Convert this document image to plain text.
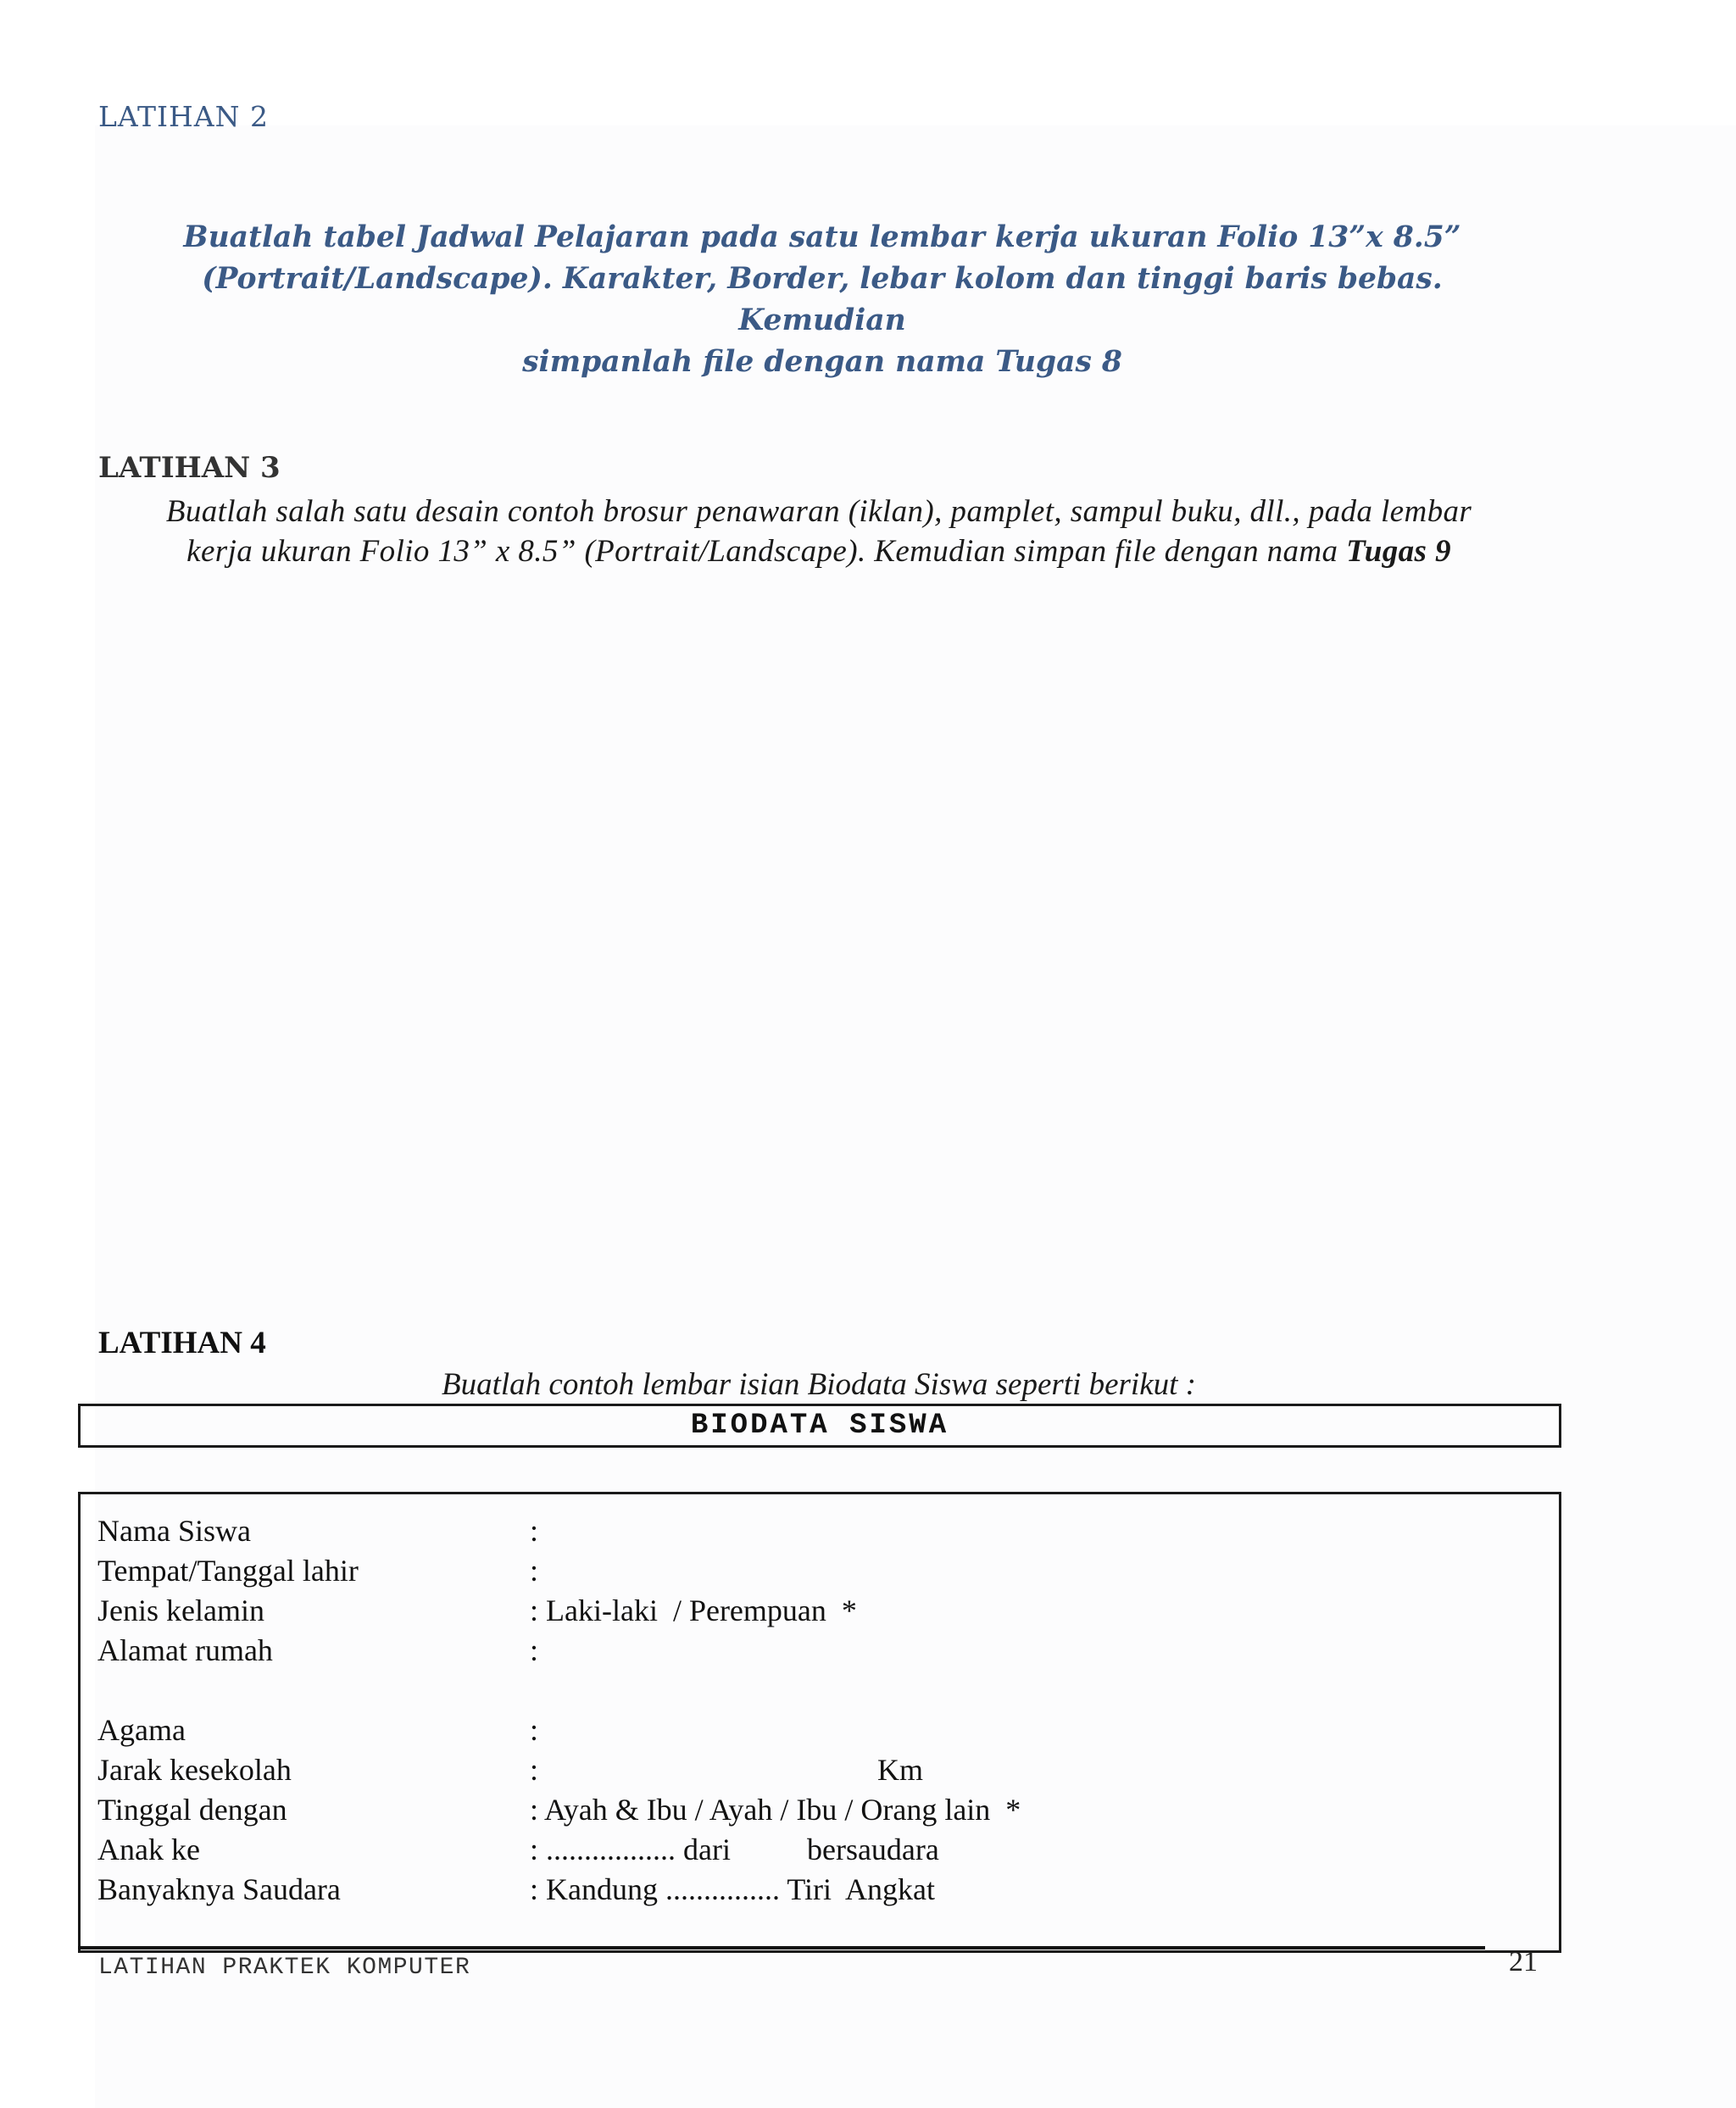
LATIHAN 2
Buatlah tabel Jadwal Pelajaran pada satu lembar kerja ukuran Folio 13”x 8.5”
(Portrait/Landscape). Karakter, Border, lebar kolom dan tinggi baris bebas. Kemudian
simpanlah file dengan nama Tugas 8
LATIHAN 3
Buatlah salah satu desain contoh brosur penawaran (iklan), pamplet, sampul buku, dll., pada lembar
kerja ukuran Folio 13” x 8.5” (Portrait/Landscape). Kemudian simpan file dengan nama Tugas 9
LATIHAN 4
Buatlah contoh lembar isian Biodata Siswa seperti berikut :
BIODATA SISWA
Nama Siswa	:
Tempat/Tanggal lahir	:
Jenis kelamin	: Laki-laki  / Perempuan  *
Alamat rumah	:
Agama	:
Jarak kesekolah	:	Km
Tinggal dengan	: Ayah & Ibu / Ayah / Ibu / Orang lain  *
Anak ke	: ................. dari          bersaudara
Banyaknya Saudara	: Kandung ............... Tiri  Angkat
LATIHAN PRAKTEK KOMPUTER	21
